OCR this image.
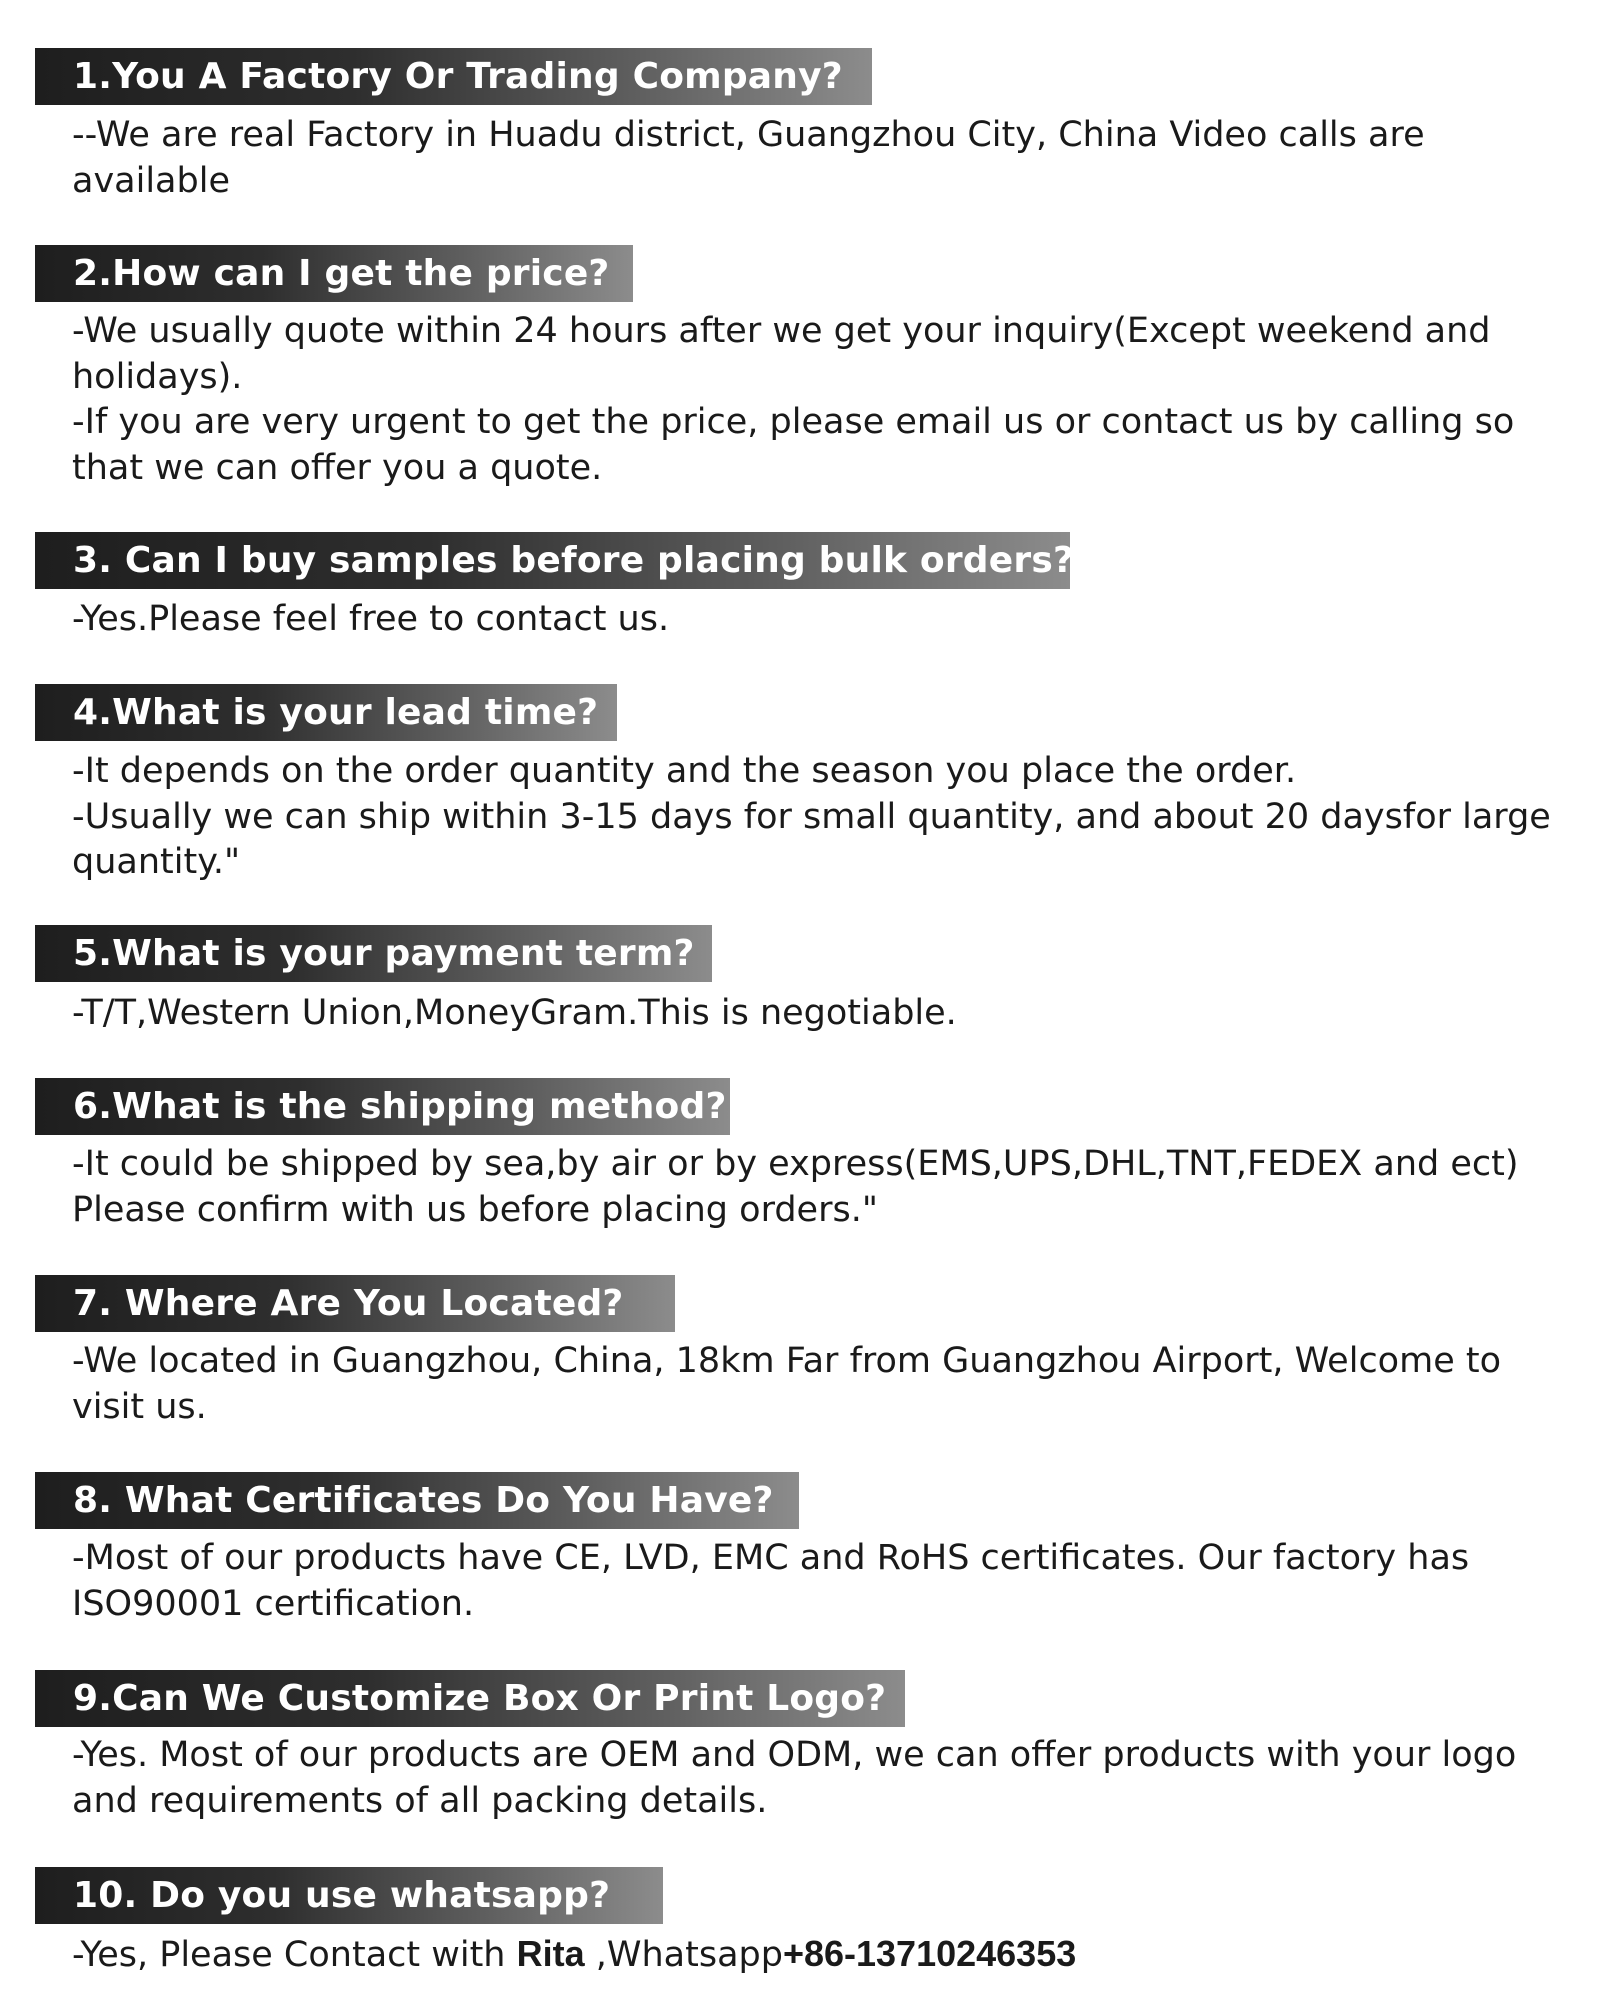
1.You A Factory Or Trading Company?

--We are real Factory in Huadu district, Guangzhou City, China Video calls are available

2.How can I get the price?

-We usually quote within 24 hours after we get your inquiry(Except weekend and holidays).

-If you are very urgent to get the price, please email us or contact us by calling so that we can offer you a quote.

3. Can I buy samples before placing bulk orders?

-Yes.Please feel free to contact us.

4.What is your lead time?

-It depends on the order quantity and the season you place the order.

-Usually we can ship within 3-15 days for small quantity, and about 20 daysfor large quantity."

5.What is your payment term?

-T/T,Western Union,MoneyGram.This is negotiable.

6.What is the shipping method?

-It could be shipped by sea,by air or by express(EMS,UPS,DHL,TNT,FEDEX and ect) Please confirm with us before placing orders."

7. Where Are You Located?

-We located in Guangzhou, China, 18km Far from Guangzhou Airport, Welcome to visit us.

8. What Certificates Do You Have?

-Most of our products have CE, LVD, EMC and RoHS certificates. Our factory has ISO90001 certification.

9.Can We Customize Box Or Print Logo?

-Yes. Most of our products are OEM and ODM, we can offer products with your logo and requirements of all packing details.

10. Do you use whatsapp?

-Yes, Please Contact with Rita ,Whatsapp+86-13710246353
